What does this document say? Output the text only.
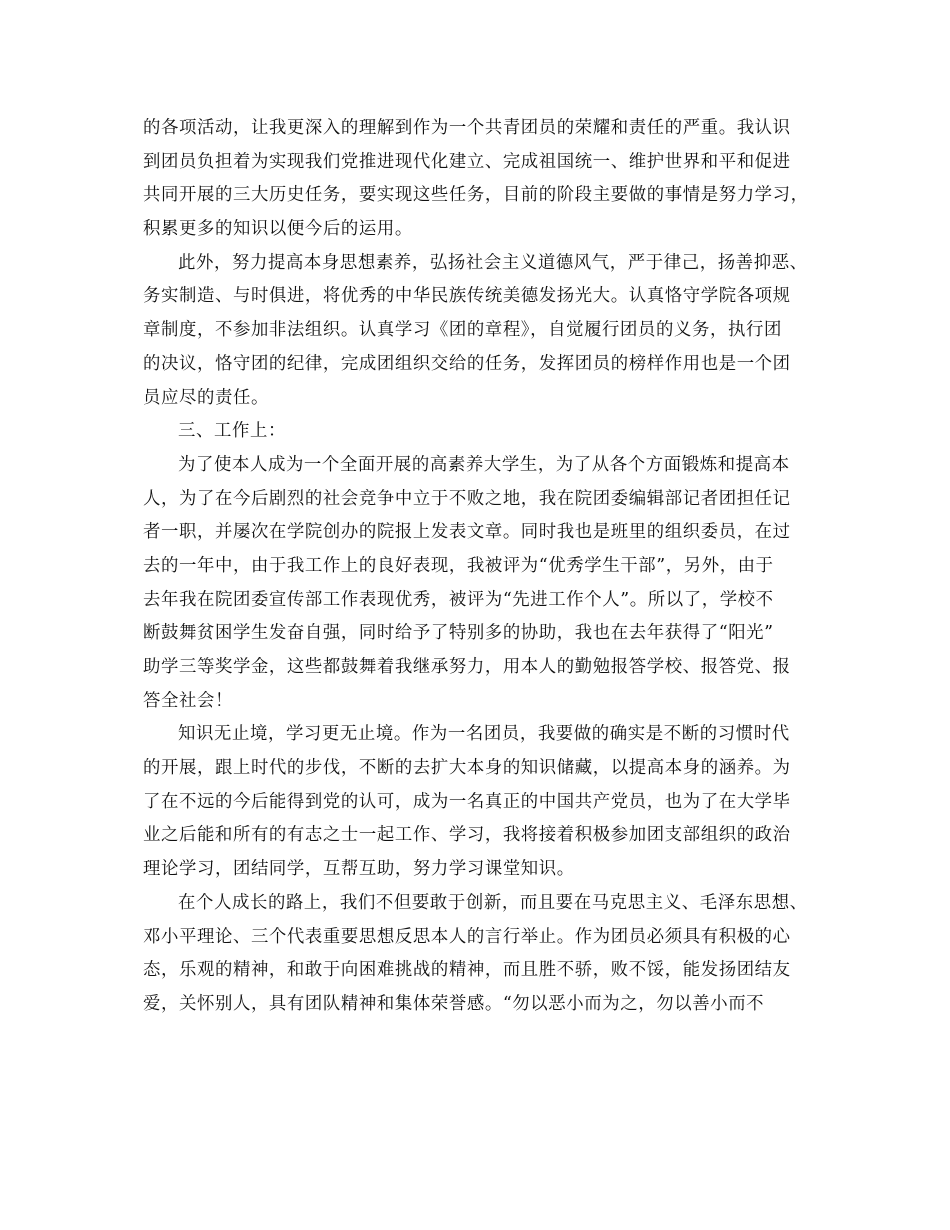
的各项活动，让我更深入的理解到作为一个共青团员的荣耀和责任的严重。我认识
到团员负担着为实现我们党推进现代化建立、完成祖国统一、维护世界和平和促进
共同开展的三大历史任务，要实现这些任务，目前的阶段主要做的事情是努力学习，
积累更多的知识以便今后的运用。
此外，努力提高本身思想素养，弘扬社会主义道德风气，严于律己，扬善抑恶、
务实制造、与时俱进，将优秀的中华民族传统美德发扬光大。认真恪守学院各项规
章制度，不参加非法组织。认真学习《团的章程》，自觉履行团员的义务，执行团
的决议，恪守团的纪律，完成团组织交给的任务，发挥团员的榜样作用也是一个团
员应尽的责任。
三、工作上：
为了使本人成为一个全面开展的高素养大学生，为了从各个方面锻炼和提高本
人，为了在今后剧烈的社会竞争中立于不败之地，我在院团委编辑部记者团担任记
者一职，并屡次在学院创办的院报上发表文章。同时我也是班里的组织委员，在过
去的一年中，由于我工作上的良好表现，我被评为“优秀学生干部”，另外，由于
去年我在院团委宣传部工作表现优秀，被评为“先进工作个人”。所以了，学校不
断鼓舞贫困学生发奋自强，同时给予了特别多的协助，我也在去年获得了“阳光”
助学三等奖学金，这些都鼓舞着我继承努力，用本人的勤勉报答学校、报答党、报
答全社会！
知识无止境，学习更无止境。作为一名团员，我要做的确实是不断的习惯时代
的开展，跟上时代的步伐，不断的去扩大本身的知识储藏，以提高本身的涵养。为
了在不远的今后能得到党的认可，成为一名真正的中国共产党员，也为了在大学毕
业之后能和所有的有志之士一起工作、学习，我将接着积极参加团支部组织的政治
理论学习，团结同学，互帮互助，努力学习课堂知识。
在个人成长的路上，我们不但要敢于创新，而且要在马克思主义、毛泽东思想、
邓小平理论、三个代表重要思想反思本人的言行举止。作为团员必须具有积极的心
态，乐观的精神，和敢于向困难挑战的精神，而且胜不骄，败不馁，能发扬团结友
爱，关怀别人，具有团队精神和集体荣誉感。“勿以恶小而为之，勿以善小而不
